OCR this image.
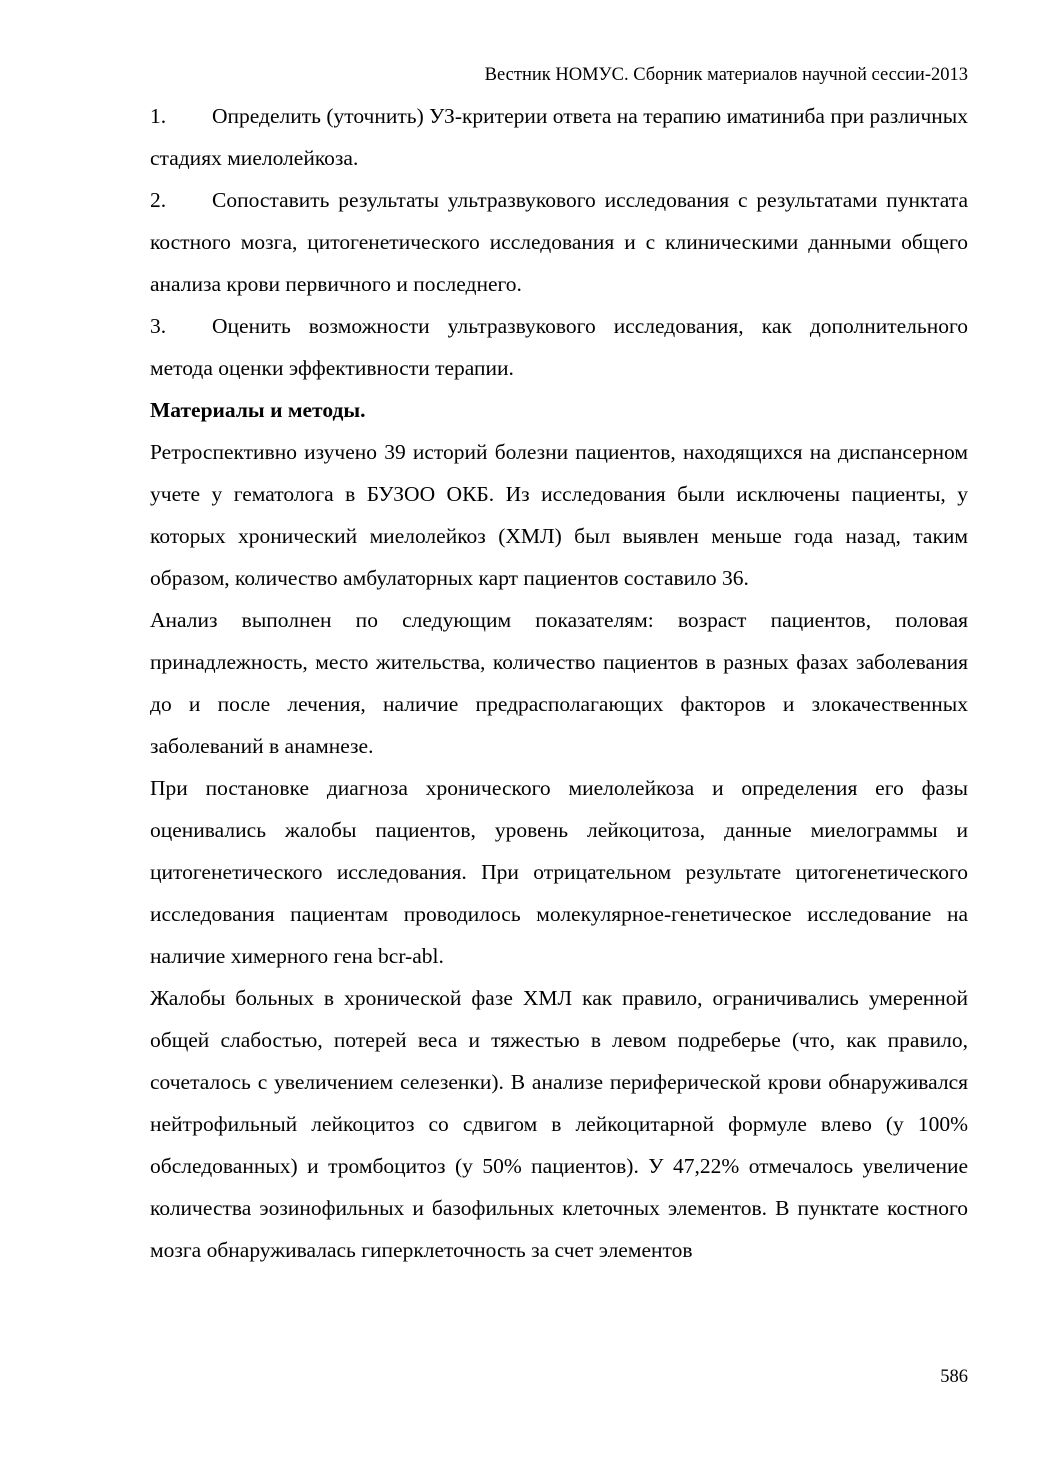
Вестник НОМУС. Сборник материалов научной сессии-2013

1. Определить (уточнить) УЗ-критерии ответа на терапию иматиниба при различных стадиях миелолейкоза.

2. Сопоставить результаты ультразвукового исследования с результатами пунктата костного мозга, цитогенетического исследования и с клиническими данными общего анализа крови первичного и последнего.

3. Оценить возможности ультразвукового исследования, как дополнительного метода оценки эффективности терапии.

Материалы и методы.

Ретроспективно изучено 39 историй болезни пациентов, находящихся на диспансерном учете у гематолога в БУЗОО ОКБ. Из исследования были исключены пациенты, у которых хронический миелолейкоз (ХМЛ) был выявлен меньше года назад, таким образом, количество амбулаторных карт пациентов составило 36.

Анализ выполнен по следующим показателям: возраст пациентов, половая принадлежность, место жительства, количество пациентов в разных фазах заболевания до и после лечения, наличие предрасполагающих факторов и злокачественных заболеваний в анамнезе.

При постановке диагноза хронического миелолейкоза и определения его фазы оценивались жалобы пациентов, уровень лейкоцитоза, данные миелограммы и цитогенетического исследования. При отрицательном результате цитогенетического исследования пациентам проводилось молекулярное-генетическое исследование на наличие химерного гена bcr-abl.

Жалобы больных в хронической фазе ХМЛ как правило, ограничивались умеренной общей слабостью, потерей веса и тяжестью в левом подреберье (что, как правило, сочеталось с увеличением селезенки). В анализе периферической крови обнаруживался нейтрофильный лейкоцитоз со сдвигом в лейкоцитарной формуле влево (у 100% обследованных) и тромбоцитоз (у 50% пациентов). У 47,22% отмечалось увеличение количества эозинофильных и базофильных клеточных элементов. В пунктате костного мозга обнаруживалась гиперклеточность за счет элементов

586
